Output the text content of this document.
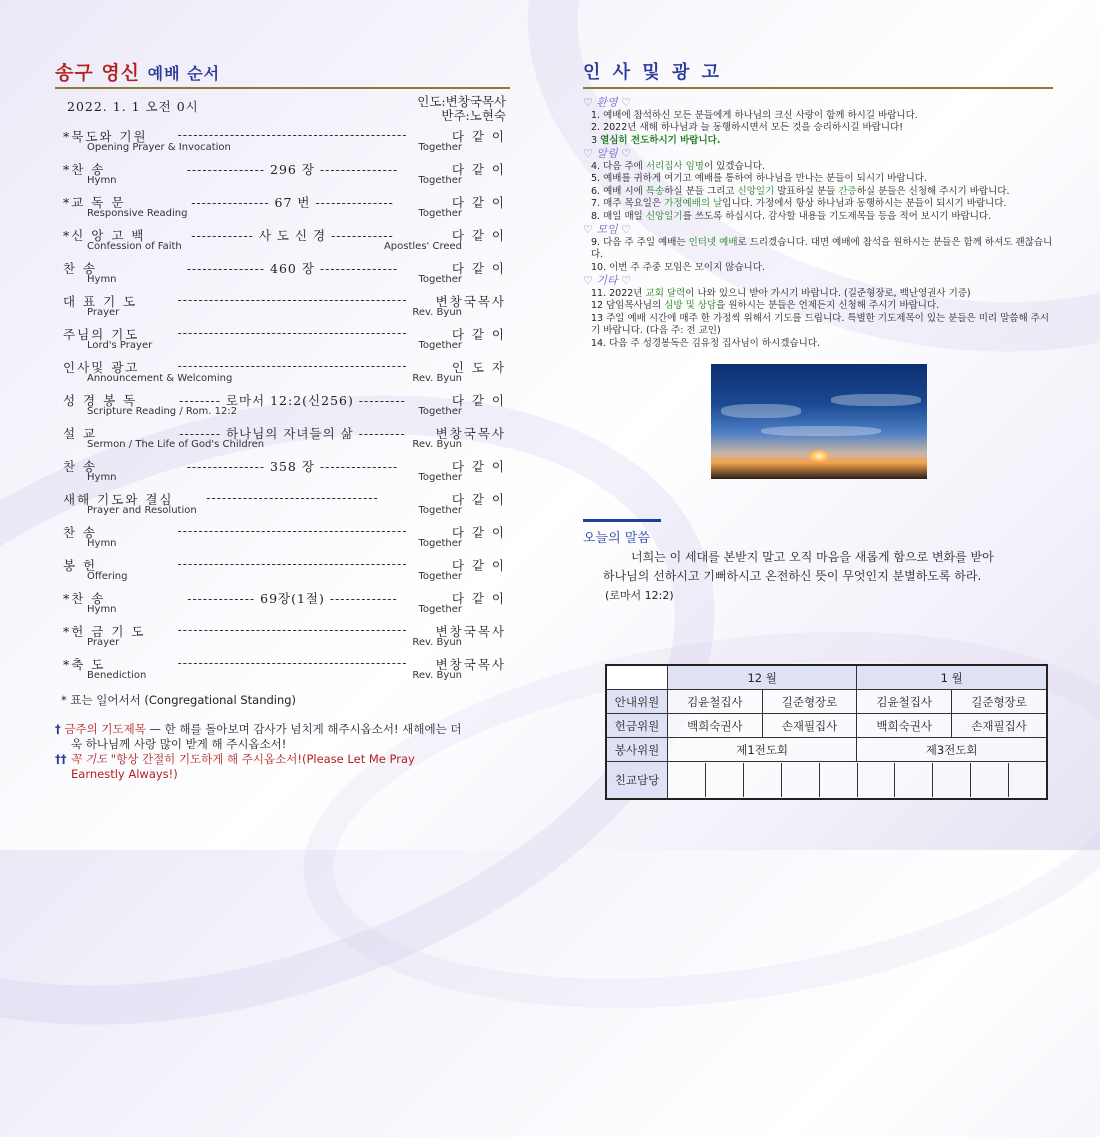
송구 영신 예배 순서
2022. 1. 1 오전 0시	인도:변창국목사
반주:노현숙
*묵도와 기원	--------------------------------------------	다 같 이
Opening Prayer & Invocation	Together
*찬 송	--------------- 296 장 ---------------	다 같 이
Hymn	Together
*교 독 문	--------------- 67 번 ---------------	다 같 이
Responsive Reading	Together
*신 앙 고 백	------------ 사 도 신 경 ------------	다 같 이
Confession of Faith	Apostles' Creed
찬 송	--------------- 460 장 ---------------	다 같 이
Hymn	Together
대 표 기 도	--------------------------------------------	변창국목사
Prayer	Rev. Byun
주님의 기도	--------------------------------------------	다 같 이
Lord's Prayer	Together
인사및 광고	--------------------------------------------	인 도 자
Announcement & Welcoming	Rev. Byun
성 경 봉 독	-------- 로마서 12:2(신256) ---------	다 같 이
Scripture Reading / Rom. 12:2	Together
설 교	-------- 하나님의 자녀들의 삶 ---------	변창국목사
Sermon / The Life of God's Children	Rev. Byun
찬 송	--------------- 358 장 ---------------	다 같 이
Hymn	Together
새해 기도와 결심	---------------------------------	다 같 이
Prayer and Resolution	Together
찬 송	--------------------------------------------	다 같 이
Hymn	Together
봉 헌	--------------------------------------------	다 같 이
Offering	Together
*찬 송	------------- 69장(1절) -------------	다 같 이
Hymn	Together
*헌 금 기 도	--------------------------------------------	변창국목사
Prayer	Rev. Byun
*축 도	--------------------------------------------	변창국목사
Benediction	Rev. Byun
* 표는 일어서서 (Congregational Standing)
† 금주의 기도제목 — 한 해를 돌아보며 감사가 넘치게 해주시옵소서! 새해에는 더
욱 하나님께 사랑 많이 받게 해 주시옵소서!
†† 꼭 기도 "항상 간절히 기도하게 해 주시옵소서!(Please Let Me Pray
Earnestly Always!)
인 사 및 광 고
♡ 환영 ♡
1. 예배에 참석하신 모든 분들에게 하나님의 크신 사랑이 함께 하시길 바랍니다.
2. 2022년 새해 하나님과 늘 동행하시면서 모든 것을 승리하시길 바랍니다!
3 열심히 전도하시기 바랍니다.
♡ 알림 ♡
4. 다음 주에 서리집사 임명이 있겠습니다.
5. 예배를 귀하게 여기고 예배를 통하여 하나님을 만나는 분들이 되시기 바랍니다.
6. 예배 시에 특송하실 분들 그리고 신앙일기 발표하실 분들 간증하실 분들은 신청해 주시기 바랍니다.
7. 매주 목요일은 가정예배의 날입니다. 가정에서 항상 하나님과 동행하시는 분들이 되시기 바랍니다.
8. 매일 매일 신앙일기를 쓰도록 하십시다. 감사할 내용들 기도제목들 등을 적어 보시기 바랍니다.
♡ 모임 ♡
9. 다음 주 주일 예배는 인터넷 예배로 드리겠습니다. 대면 예배에 참석을 원하시는 분들은 함께 하셔도 괜찮습니다.
10. 이번 주 주중 모임은 모이지 않습니다.
♡ 기타 ♡
11. 2022년 교회 달력이 나와 있으니 받아 가시기 바랍니다. (길준형장로, 백난영권사 기증)
12 담임목사님의 심방 및 상담을 원하시는 분들은 언제든지 신청해 주시기 바랍니다.
13 주일 예배 시간에 매주 한 가정씩 위해서 기도를 드립니다. 특별한 기도제목이 있는 분들은 미리 말씀해 주시기 바랍니다. (다음 주: 전 교인)
14. 다음 주 성경봉독은 김유정 집사님이 하시겠습니다.
오늘의 말씀
너희는 이 세대를 본받지 말고 오직 마음을 새롭게 함으로 변화를 받아
하나님의 선하시고 기뻐하시고 온전하신 뜻이 무엇인지 분별하도록 하라.
(로마서 12:2)
	12 월		1 월	
안내위원	김윤철집사	길준형장로	김윤철집사	길준형장로
헌금위원	백희숙권사	손재필집사	백희숙권사	손재필집사
봉사위원	제1전도회		제3전도회	
친교담당				
